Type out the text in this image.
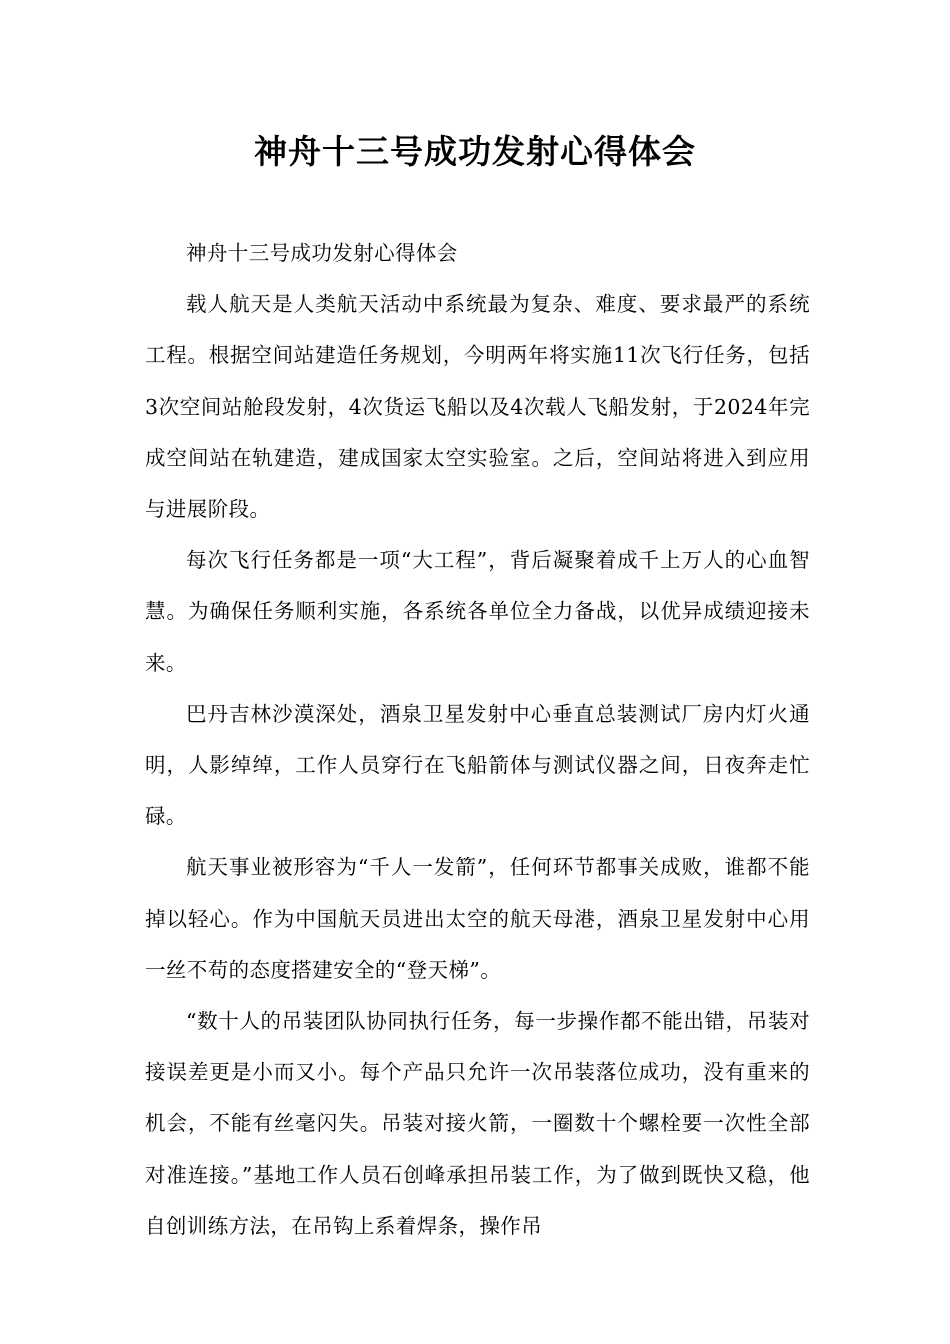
神舟十三号成功发射心得体会

神舟十三号成功发射心得体会

载人航天是人类航天活动中系统最为复杂、难度、要求最严的系统工程。根据空间站建造任务规划，今明两年将实施11次飞行任务，包括3次空间站舱段发射，4次货运飞船以及4次载人飞船发射，于2024年完成空间站在轨建造，建成国家太空实验室。之后，空间站将进入到应用与进展阶段。

每次飞行任务都是一项“大工程”，背后凝聚着成千上万人的心血智慧。为确保任务顺利实施，各系统各单位全力备战，以优异成绩迎接未来。

巴丹吉林沙漠深处，酒泉卫星发射中心垂直总装测试厂房内灯火通明，人影绰绰，工作人员穿行在飞船箭体与测试仪器之间，日夜奔走忙碌。

航天事业被形容为“千人一发箭”，任何环节都事关成败，谁都不能掉以轻心。作为中国航天员进出太空的航天母港，酒泉卫星发射中心用一丝不苟的态度搭建安全的“登天梯”。

“数十人的吊装团队协同执行任务，每一步操作都不能出错，吊装对接误差更是小而又小。每个产品只允许一次吊装落位成功，没有重来的机会，不能有丝毫闪失。吊装对接火箭，一圈数十个螺栓要一次性全部对准连接。”基地工作人员石创峰承担吊装工作，为了做到既快又稳，他自创训练方法，在吊钩上系着焊条，操作吊
